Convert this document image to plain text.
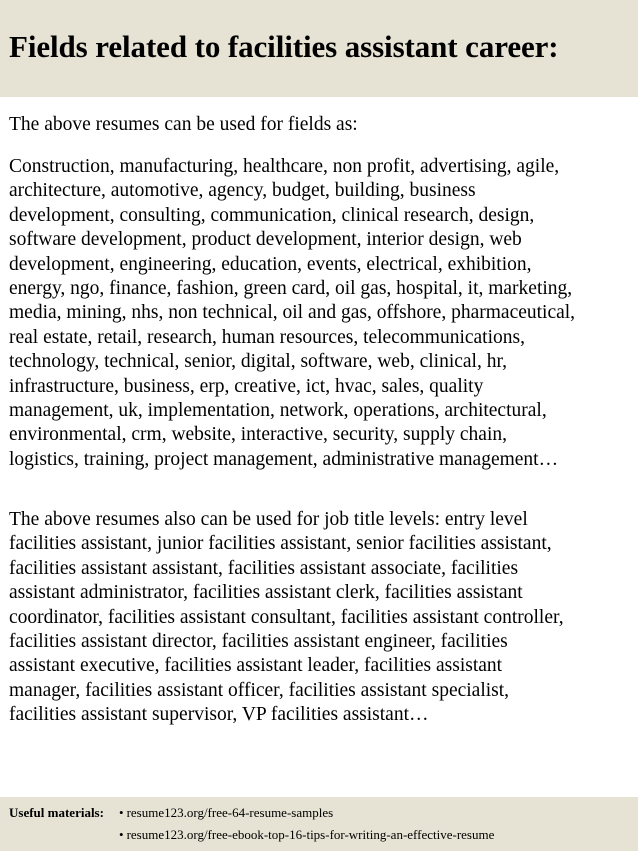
Fields related to facilities assistant career:

The above resumes can be used for fields as:

Construction, manufacturing, healthcare, non profit, advertising, agile,
architecture, automotive, agency, budget, building, business
development, consulting, communication, clinical research, design,
software development, product development, interior design, web
development, engineering, education, events, electrical, exhibition,
energy, ngo, finance, fashion, green card, oil gas, hospital, it, marketing,
media, mining, nhs, non technical, oil and gas, offshore, pharmaceutical,
real estate, retail, research, human resources, telecommunications,
technology, technical, senior, digital, software, web, clinical, hr,
infrastructure, business, erp, creative, ict, hvac, sales, quality
management, uk, implementation, network, operations, architectural,
environmental, crm, website, interactive, security, supply chain,
logistics, training, project management, administrative management…

The above resumes also can be used for job title levels: entry level
facilities assistant, junior facilities assistant, senior facilities assistant,
facilities assistant assistant, facilities assistant associate, facilities
assistant administrator, facilities assistant clerk, facilities assistant
coordinator, facilities assistant consultant, facilities assistant controller,
facilities assistant director, facilities assistant engineer, facilities
assistant executive, facilities assistant leader, facilities assistant
manager, facilities assistant officer, facilities assistant specialist,
facilities assistant supervisor, VP facilities assistant…

Useful materials: • resume123.org/free-64-resume-samples
• resume123.org/free-ebook-top-16-tips-for-writing-an-effective-resume
